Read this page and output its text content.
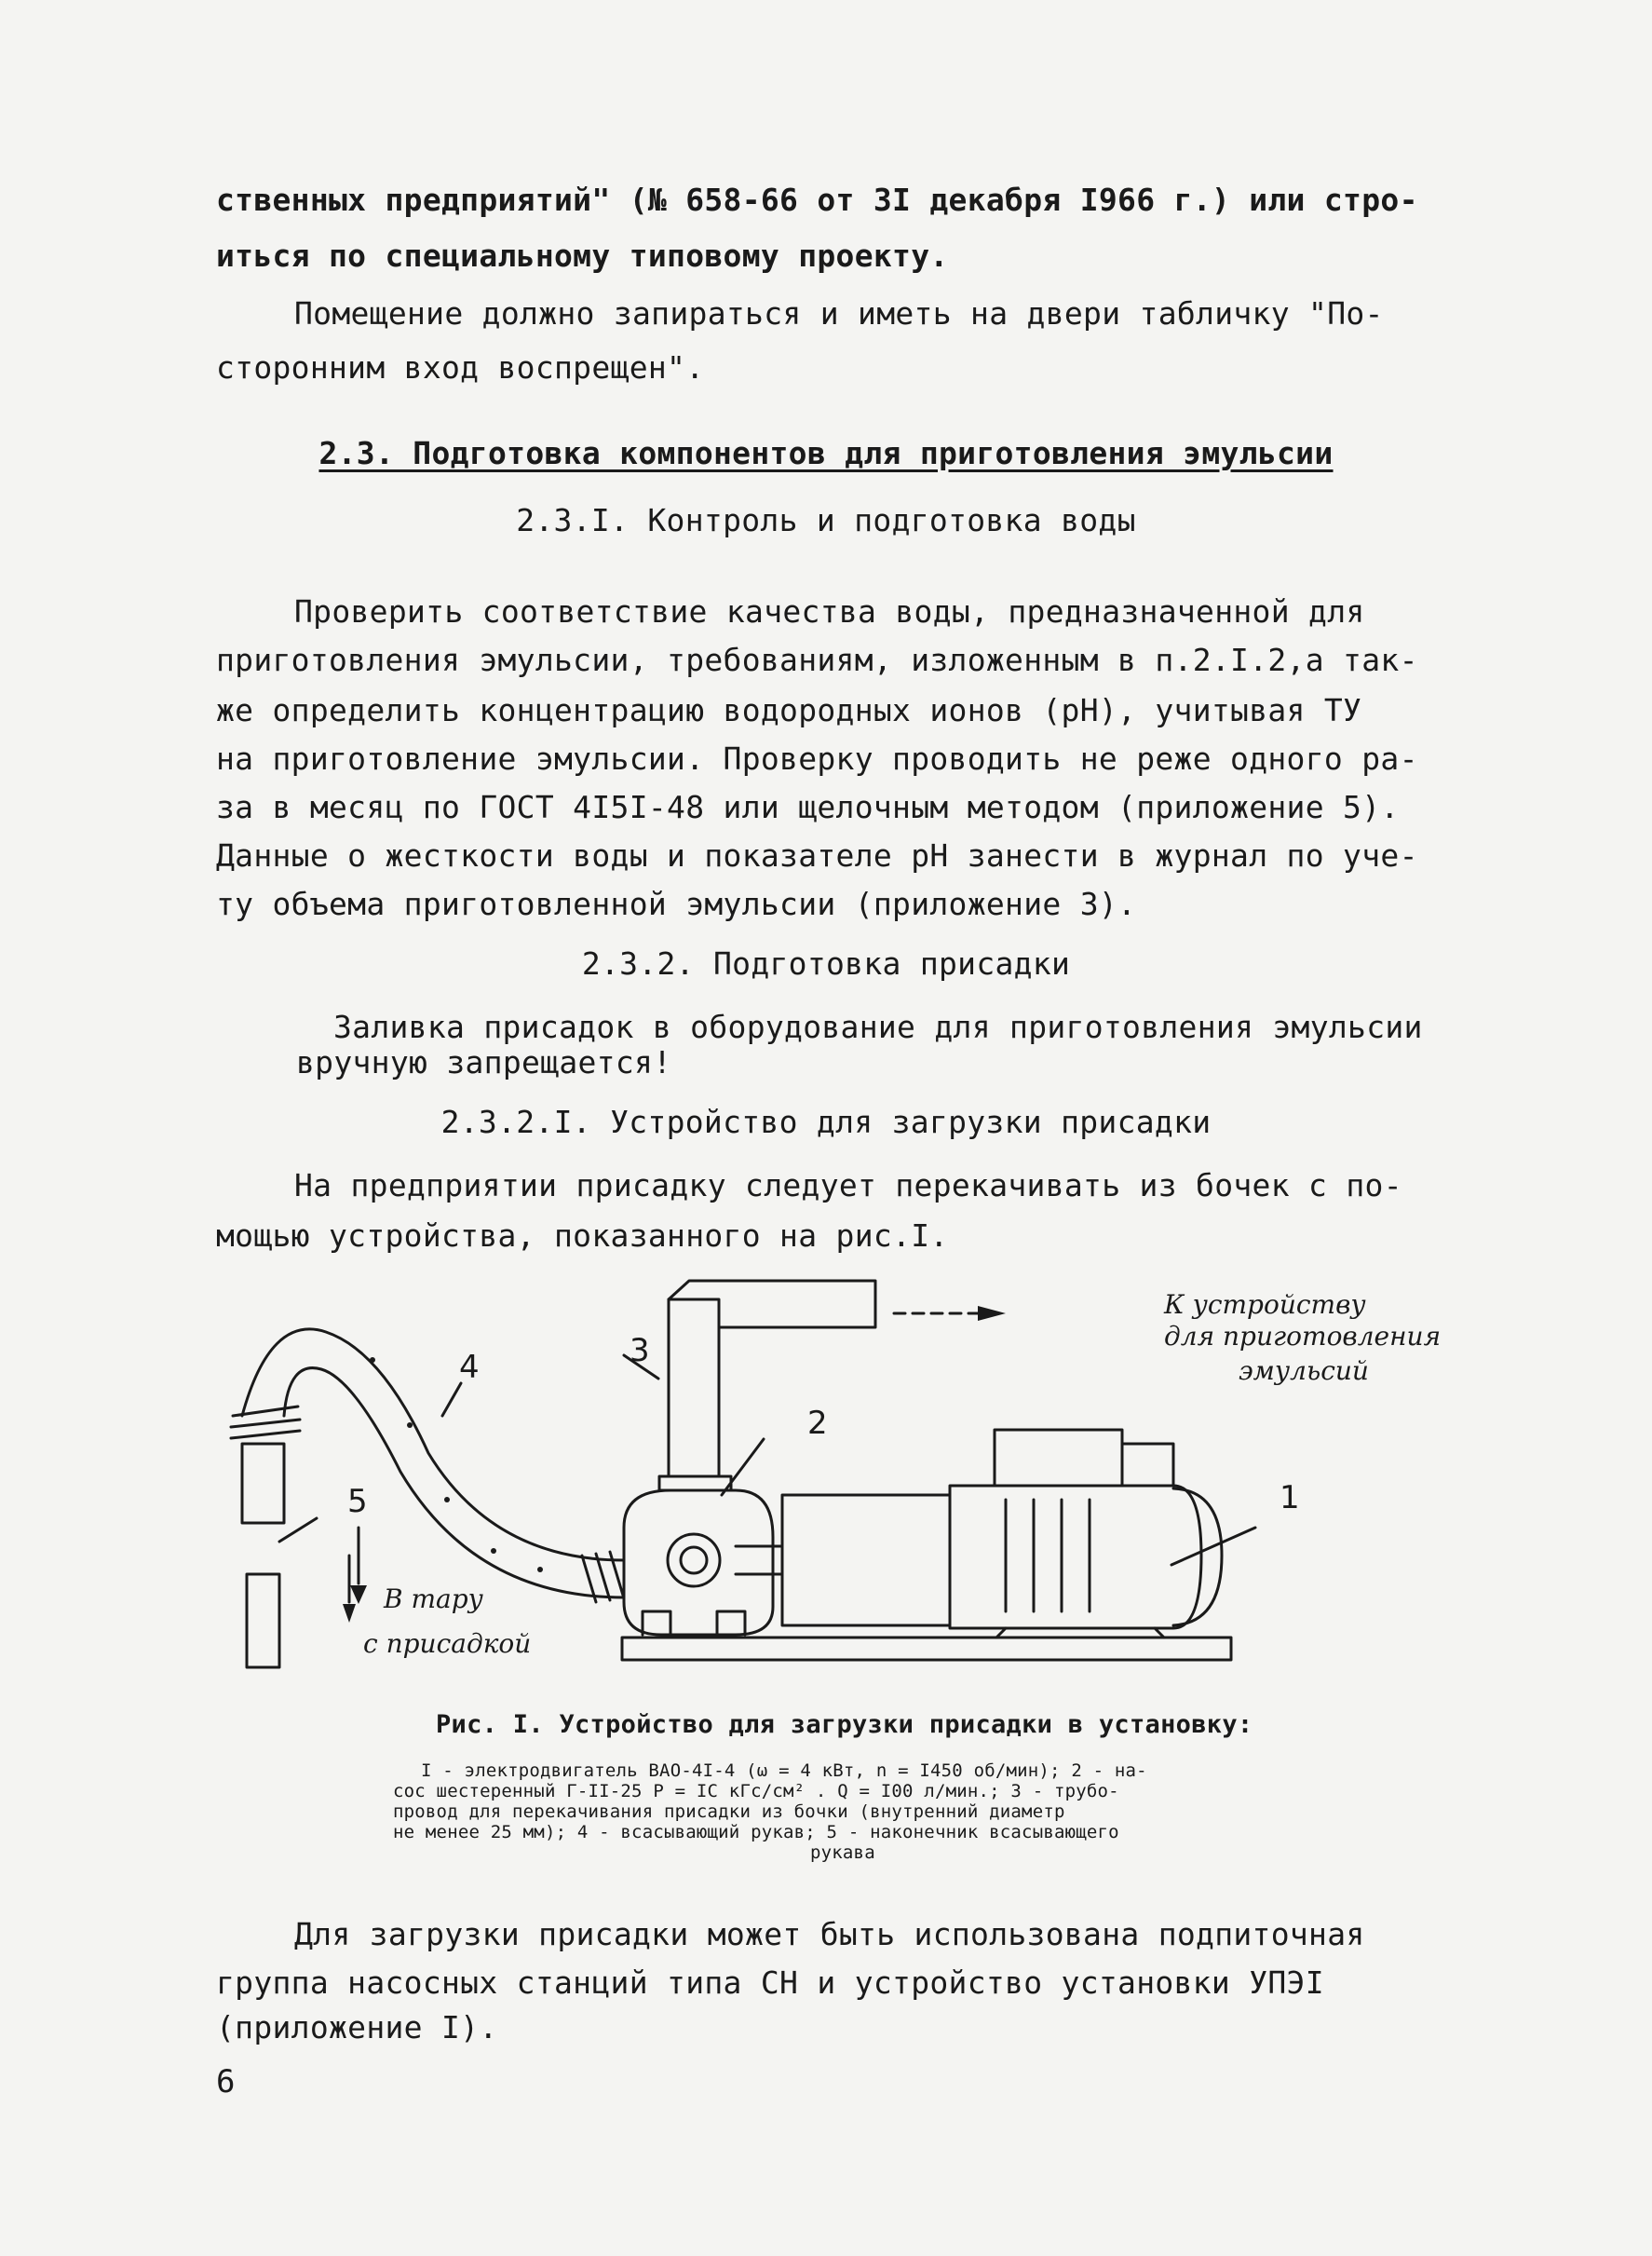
ственных предприятий" (№ 658-66 от 3I декабря I966 г.) или стро-
иться по специальному типовому проекту.
Помещение должно запираться и иметь на двери табличку "По-
сторонним вход воспрещен".
2.3. Подготовка компонентов для приготовления эмульсии
2.3.I. Контроль и подготовка воды
Проверить соответствие качества воды, предназначенной для
приготовления эмульсии, требованиям, изложенным в п.2.I.2,а так-
же определить концентрацию водородных ионов (pH), учитывая ТУ
на приготовление эмульсии. Проверку проводить не реже одного ра-
за в месяц по ГОСТ 4I5I-48 или щелочным методом (приложение 5).
Данные о жесткости воды и показателе pH занести в журнал по уче-
ту объема приготовленной эмульсии (приложение 3).
2.3.2. Подготовка присадки
Заливка присадок в оборудование для приготовления эмульсии
вручную запрещается!
2.3.2.I. Устройство для загрузки присадки
На предприятии присадку следует перекачивать из бочек с по-
мощью устройства, показанного на рис.I.
К устройству
для приготовления
эмульсий
В тару
с присадкой
1
2
3
4
5
Рис. I. Устройство для загрузки присадки в установку:
I - электродвигатель ВАО-4I-4 (ω = 4 кВт, n = I450 об/мин); 2 - на-
сос шестеренный Г-II-25 P = IC кГс/см² . Q = I00 л/мин.; 3 - трубо-
провод для перекачивания присадки из бочки (внутренний диаметр
не менее 25 мм); 4 - всасывающий рукав; 5 - наконечник всасывающего
рукава
Для загрузки присадки может быть использована подпиточная
группа насосных станций типа СН и устройство установки УПЭI
(приложение I).
6
